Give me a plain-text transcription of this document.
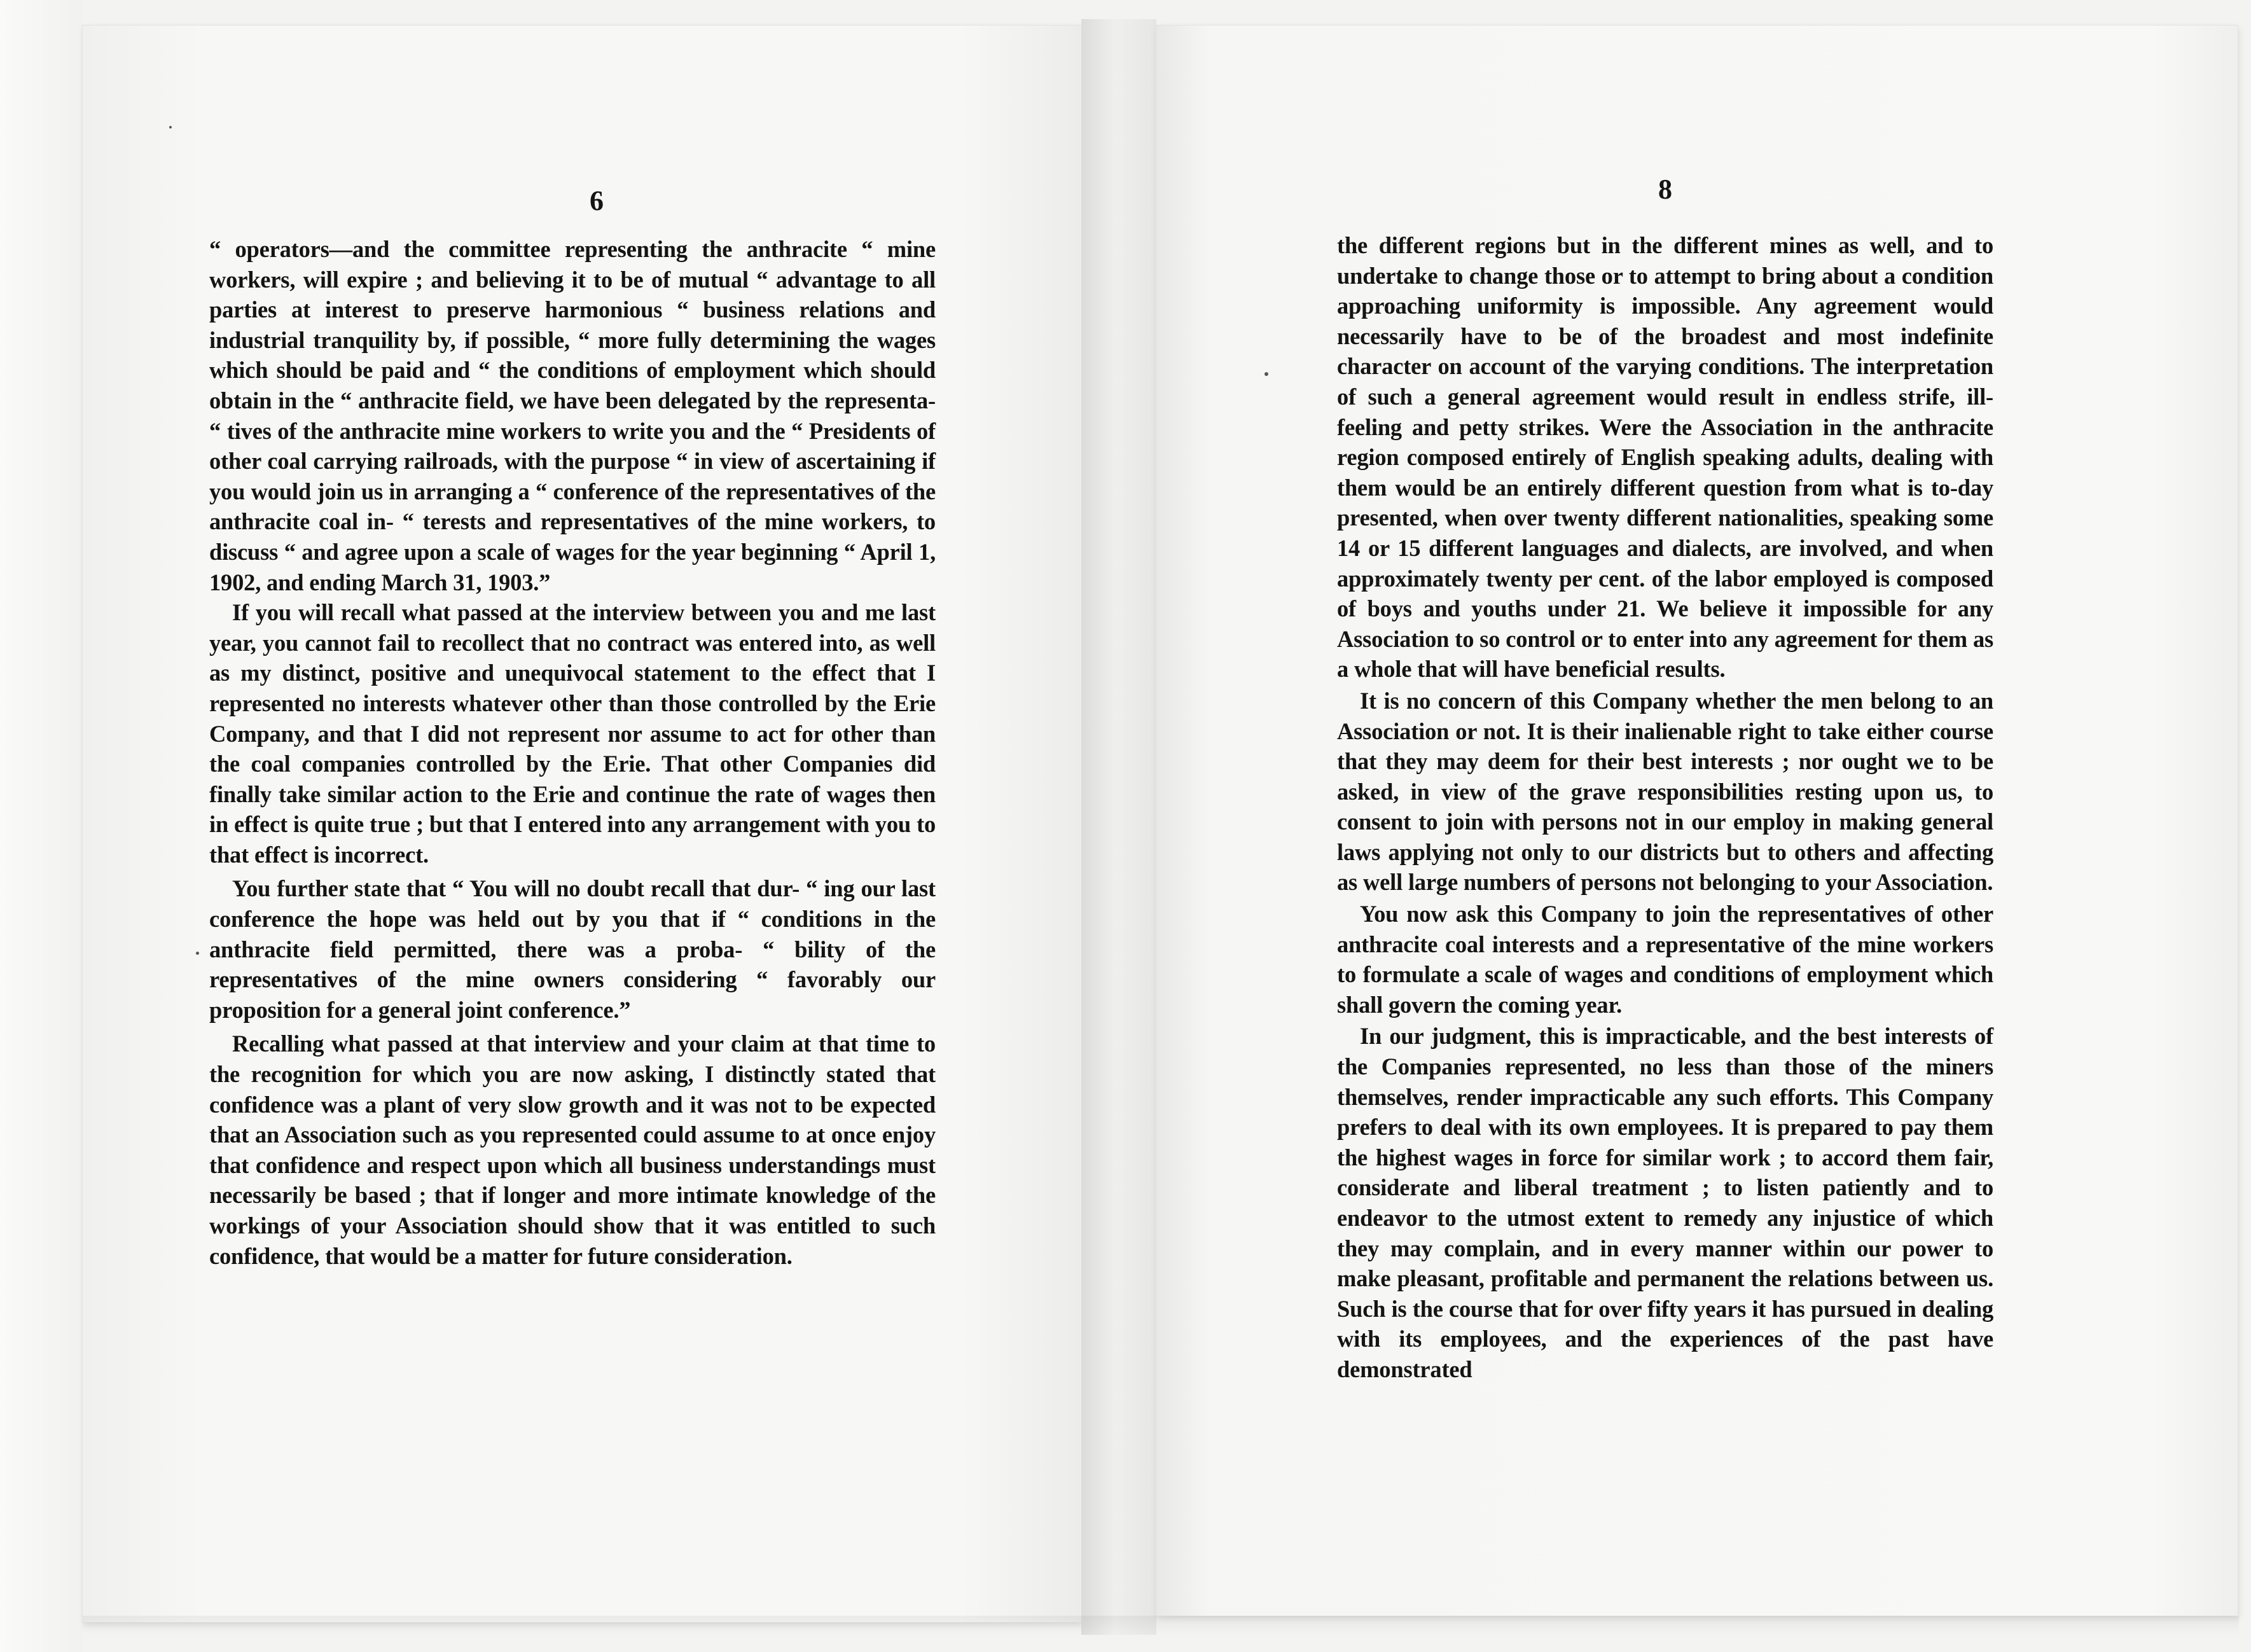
6

“ operators—and the committee representing the anthracite “ mine workers, will expire ; and believing it to be of mutual “ advantage to all parties at interest to preserve harmonious “ business relations and industrial tranquility by, if possible, “ more fully determining the wages which should be paid and “ the conditions of employment which should obtain in the “ anthracite field, we have been delegated by the representa- “ tives of the anthracite mine workers to write you and the “ Presidents of other coal carrying railroads, with the purpose “ in view of ascertaining if you would join us in arranging a “ conference of the representatives of the anthracite coal in- “ terests and representatives of the mine workers, to discuss “ and agree upon a scale of wages for the year beginning “ April 1, 1902, and ending March 31, 1903.”

If you will recall what passed at the interview between you and me last year, you cannot fail to recollect that no contract was entered into, as well as my distinct, positive and unequivocal statement to the effect that I represented no interests whatever other than those controlled by the Erie Company, and that I did not represent nor assume to act for other than the coal companies controlled by the Erie. That other Companies did finally take similar action to the Erie and continue the rate of wages then in effect is quite true ; but that I entered into any arrangement with you to that effect is incorrect.

You further state that “ You will no doubt recall that dur- “ ing our last conference the hope was held out by you that if “ conditions in the anthracite field permitted, there was a proba- “ bility of the representatives of the mine owners considering “ favorably our proposition for a general joint conference.”

Recalling what passed at that interview and your claim at that time to the recognition for which you are now asking, I distinctly stated that confidence was a plant of very slow growth and it was not to be expected that an Association such as you represented could assume to at once enjoy that confidence and respect upon which all business understandings must necessarily be based ; that if longer and more intimate knowledge of the workings of your Association should show that it was entitled to such confidence, that would be a matter for future consideration.

8

the different regions but in the different mines as well, and to undertake to change those or to attempt to bring about a condition approaching uniformity is impossible. Any agreement would necessarily have to be of the broadest and most indefinite character on account of the varying conditions. The interpretation of such a general agreement would result in endless strife, ill-feeling and petty strikes. Were the Association in the anthracite region composed entirely of English speaking adults, dealing with them would be an entirely different question from what is to-day presented, when over twenty different nationalities, speaking some 14 or 15 different languages and dialects, are involved, and when approximately twenty per cent. of the labor employed is composed of boys and youths under 21. We believe it impossible for any Association to so control or to enter into any agreement for them as a whole that will have beneficial results.

It is no concern of this Company whether the men belong to an Association or not. It is their inalienable right to take either course that they may deem for their best interests ; nor ought we to be asked, in view of the grave responsibilities resting upon us, to consent to join with persons not in our employ in making general laws applying not only to our districts but to others and affecting as well large numbers of persons not belonging to your Association.

You now ask this Company to join the representatives of other anthracite coal interests and a representative of the mine workers to formulate a scale of wages and conditions of employment which shall govern the coming year.

In our judgment, this is impracticable, and the best interests of the Companies represented, no less than those of the miners themselves, render impracticable any such efforts. This Company prefers to deal with its own employees. It is prepared to pay them the highest wages in force for similar work ; to accord them fair, considerate and liberal treatment ; to listen patiently and to endeavor to the utmost extent to remedy any injustice of which they may complain, and in every manner within our power to make pleasant, profitable and permanent the relations between us. Such is the course that for over fifty years it has pursued in dealing with its employees, and the experiences of the past have demonstrated
